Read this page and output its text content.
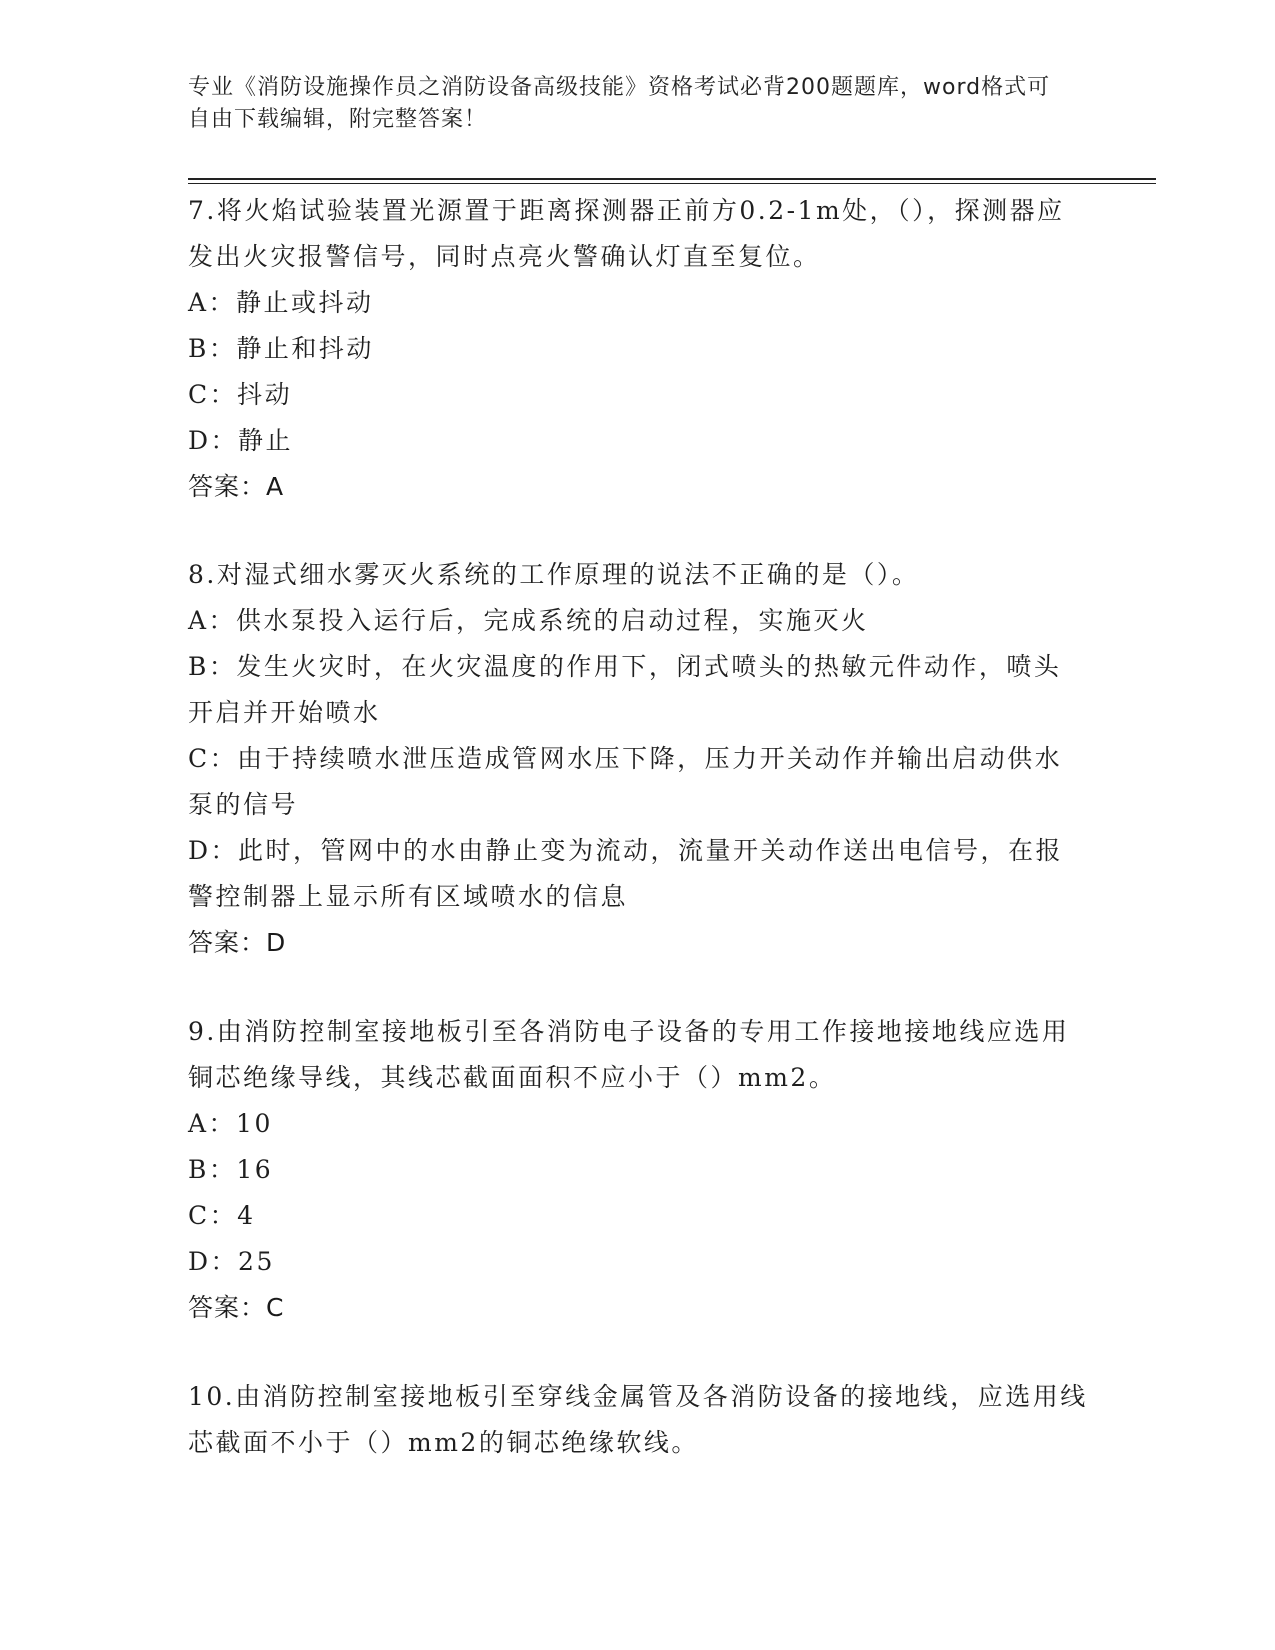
专业《消防设施操作员之消防设备高级技能》资格考试必背200题题库，word格式可自由下载编辑，附完整答案！
7.将火焰试验装置光源置于距离探测器正前方0.2-1m处，（），探测器应发出火灾报警信号，同时点亮火警确认灯直至复位。
A：静止或抖动
B：静止和抖动
C：抖动
D：静止
答案：A
8.对湿式细水雾灭火系统的工作原理的说法不正确的是（）。
A：供水泵投入运行后，完成系统的启动过程，实施灭火
B：发生火灾时，在火灾温度的作用下，闭式喷头的热敏元件动作，喷头开启并开始喷水
C：由于持续喷水泄压造成管网水压下降，压力开关动作并输出启动供水泵的信号
D：此时，管网中的水由静止变为流动，流量开关动作送出电信号，在报警控制器上显示所有区域喷水的信息
答案：D
9.由消防控制室接地板引至各消防电子设备的专用工作接地接地线应选用铜芯绝缘导线，其线芯截面面积不应小于（）mm2。
A：10
B：16
C：4
D：25
答案：C
10.由消防控制室接地板引至穿线金属管及各消防设备的接地线，应选用线芯截面不小于（）mm2的铜芯绝缘软线。
